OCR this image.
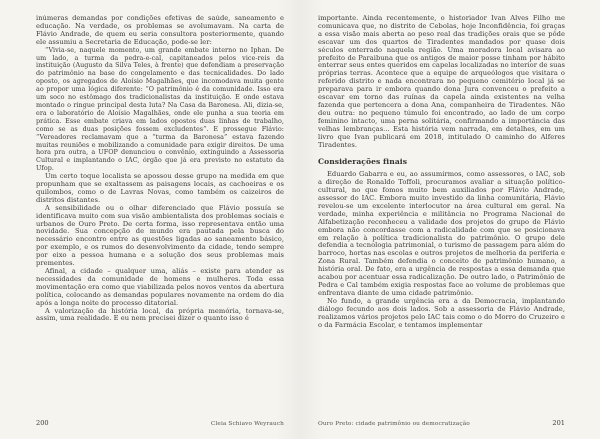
inúmeras demandas por condições efetivas de saúde, saneamento e educação. Na verdade, os problemas se avolumavam. Na carta de Flávio Andrade, de quem eu seria consultora posteriormente, quando ele assumiu a Secretaria de Educação, pode-se ler:

“Vivia-se, naquele momento, um grande embate interno no Iphan. De um lado, a turma da pedra-e-cal, capitaneados pelos vice-reis da instituição (Augusto da Silva Teles, à frente) que defendiam a preservação do patrimônio na base do congelamento e das tecnicalidades. Do lado oposto, os agregados de Aloísio Magalhães, que incomodava muita gente ao propor uma lógica diferente: “O patrimônio é da comunidade. Isso era um soco no estômago dos tradicionalistas da instituição. E onde estava montado o ringue principal desta luta? Na Casa da Baronesa. Ali, dizia-se, era o laboratório de Aloísio Magalhães, onde ele punha a sua teoria em prática. Esse embate criava em lados opostos duas linhas de trabalho, como se as duas posições fossem excludentes”. E prossegue Flávio: “Vereadores reclamavam que a “turma da Baronesa” estava fazendo muitas reuniões e mobilizando a comunidade para exigir direitos. De uma hora pra outra, a UFOP denunciou o convênio, extinguindo a Assessoria Cultural e implantando o IAC, órgão que já era previsto no estatuto da Ufop.

Um certo toque localista se apossou desse grupo na medida em que propunham que se exaltassem as paisagens locais, as cachoeiras e os quilombos, como o de Lavras Novas, como também os caizeiros de distritos distantes.

A sensibilidade ou o olhar diferenciado que Flávio possuía se identificava muito com sua visão ambientalista dos problemas sociais e urbanos de Ouro Preto. De certa forma, isso representava então uma novidade. Sua concepção de mundo era pautada pela busca do necessário encontro entre as questões ligadas ao saneamento básico, por exemplo, e os rumos do desenvolvimento da cidade, tendo sempre por eixo a pessoa humana e a solução dos seus problemas mais prementes.

Afinal, a cidade – qualquer uma, aliás – existe para atender as necessidades da comunidade de homens e mulheres. Toda essa movimentação era como que viabilizada pelos novos ventos da abertura política, colocando as demandas populares novamente na ordem do dia após a longa noite do processo ditatorial.

A valorização da história local, da própria memória, tornava-se, assim, uma realidade. E eu nem precisei dizer o quanto isso é

200	Cleia Schiavo Weyrauch

importante. Ainda recentemente, o historiador Ivan Alves Filho me comunicava que, no distrito de Cebolas, hoje Inconfidência, foi graças a essa visão mais aberta ao peso real das tradições orais que se pôde escavar um dos quartos de Tiradentes mandados por quase dois séculos enterrado naquela região. Uma moradora local avisara ao prefeito de Paraibuna que os antigos de maior posse tinham por hábito enterrar seus entes queridos em capelas localizadas no interior de suas próprias terras. Acontece que a equipe de arqueólogos que visitara o referido distrito e nada encontrara no pequeno cemitério local já se preparava para ir embora quando dona Jura convenceu o prefeito a escavar em torno das ruínas da capela ainda existentes na velha fazenda que pertencera a dona Ana, companheira de Tiradentes. Não deu outra: no pequeno túmulo foi encontrado, ao lado de um corpo feminino intacto, uma perna solitária, confirmando a importância das velhas lembranças... Esta história vem narrada, em detalhes, em um livro que Ivan publicará em 2018, intitulado O caminho do Alferes Tiradentes.

Considerações finais

Eduardo Gabarra e eu, ao assumirmos, como assessores, o IAC, sob a direção de Ronaldo Toffoli, procuramos avaliar a situação político-cultural, no que fomos muito bem auxiliados por Flávio Andrade, assessor do IAC. Embora muito investido da linha comunitária, Flávio revelou-se um excelente interlocutor na área cultural em geral. Na verdade, minha experiência e militância no Programa Nacional de Alfabetização reconheceu a validade dos projetos do grupo de Flávio embora não concordasse com a radicalidade com que se posicionava em relação à política tradicionalista do patrimônio. O grupo dele defendia a tecnologia patrimonial, o turismo de passagem para além do barroco, hortas nas escolas e outros projetos de melhoria da periferia e Zona Rural. Também defendia o conceito de patrimônio humano, a história oral. De fato, era a urgência de respostas a essa demanda que acabou por acentuar essa radicalização. De outro lado, o Patrimônio de Pedra e Cal também exigia respostas face ao volume de problemas que enfrentava diante de uma cidade patrimônio.

No fundo, a grande urgência era a da Democracia, implantando diálogo fecundo aos dois lados. Sob a assessoria de Flávio Andrade, realizamos vários projetos pelo IAC tais como o do Morro do Cruzeiro e o da Farmácia Escolar, e tentamos implementar

Ouro Preto: cidade patrimônio ou democratização	201
